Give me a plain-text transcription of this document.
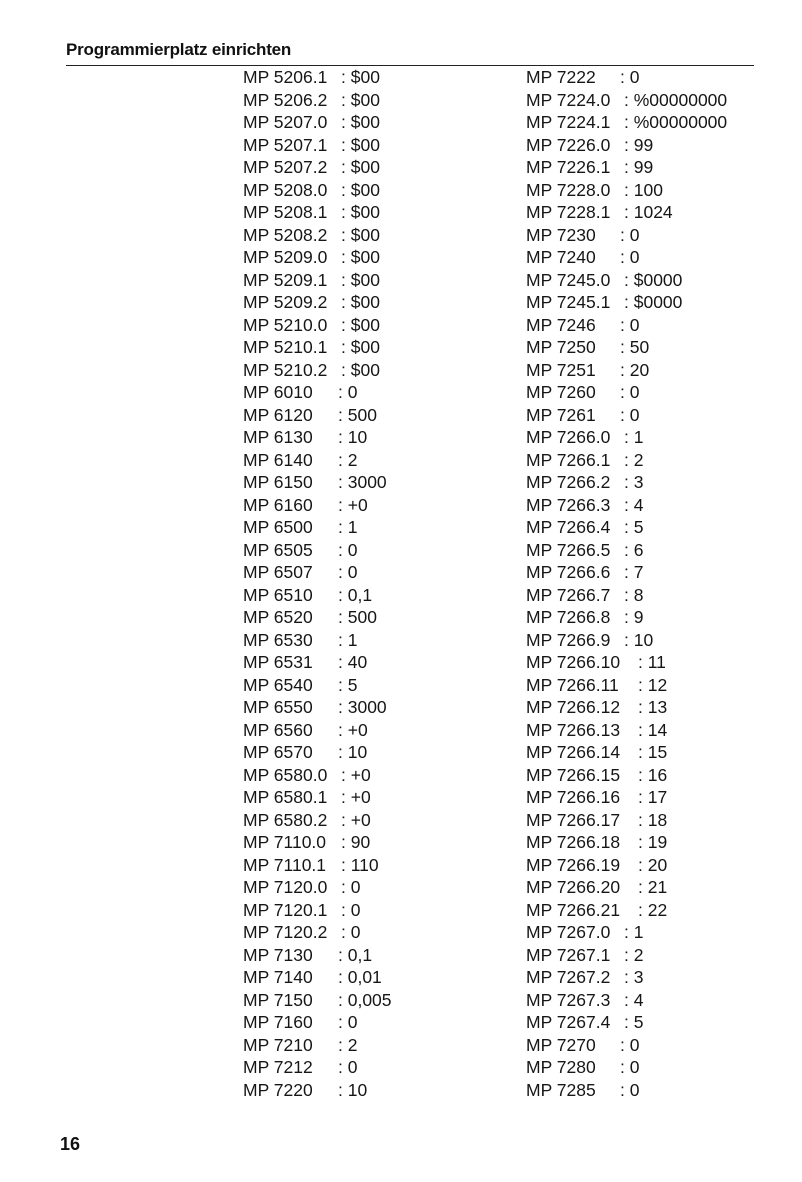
Programmierplatz einrichten
MP 5206.1 : $00
MP 5206.2 : $00
MP 5207.0 : $00
MP 5207.1 : $00
MP 5207.2 : $00
MP 5208.0 : $00
MP 5208.1 : $00
MP 5208.2 : $00
MP 5209.0 : $00
MP 5209.1 : $00
MP 5209.2 : $00
MP 5210.0 : $00
MP 5210.1 : $00
MP 5210.2 : $00
MP 6010 : 0
MP 6120 : 500
MP 6130 : 10
MP 6140 : 2
MP 6150 : 3000
MP 6160 : +0
MP 6500 : 1
MP 6505 : 0
MP 6507 : 0
MP 6510 : 0,1
MP 6520 : 500
MP 6530 : 1
MP 6531 : 40
MP 6540 : 5
MP 6550 : 3000
MP 6560 : +0
MP 6570 : 10
MP 6580.0 : +0
MP 6580.1 : +0
MP 6580.2 : +0
MP 7110.0 : 90
MP 7110.1 : 110
MP 7120.0 : 0
MP 7120.1 : 0
MP 7120.2 : 0
MP 7130 : 0,1
MP 7140 : 0,01
MP 7150 : 0,005
MP 7160 : 0
MP 7210 : 2
MP 7212 : 0
MP 7220 : 10
MP 7222 : 0
MP 7224.0 : %00000000
MP 7224.1 : %00000000
MP 7226.0 : 99
MP 7226.1 : 99
MP 7228.0 : 100
MP 7228.1 : 1024
MP 7230 : 0
MP 7240 : 0
MP 7245.0 : $0000
MP 7245.1 : $0000
MP 7246 : 0
MP 7250 : 50
MP 7251 : 20
MP 7260 : 0
MP 7261 : 0
MP 7266.0 : 1
MP 7266.1 : 2
MP 7266.2 : 3
MP 7266.3 : 4
MP 7266.4 : 5
MP 7266.5 : 6
MP 7266.6 : 7
MP 7266.7 : 8
MP 7266.8 : 9
MP 7266.9 : 10
MP 7266.10 : 11
MP 7266.11 : 12
MP 7266.12 : 13
MP 7266.13 : 14
MP 7266.14 : 15
MP 7266.15 : 16
MP 7266.16 : 17
MP 7266.17 : 18
MP 7266.18 : 19
MP 7266.19 : 20
MP 7266.20 : 21
MP 7266.21 : 22
MP 7267.0 : 1
MP 7267.1 : 2
MP 7267.2 : 3
MP 7267.3 : 4
MP 7267.4 : 5
MP 7270 : 0
MP 7280 : 0
MP 7285 : 0
16
